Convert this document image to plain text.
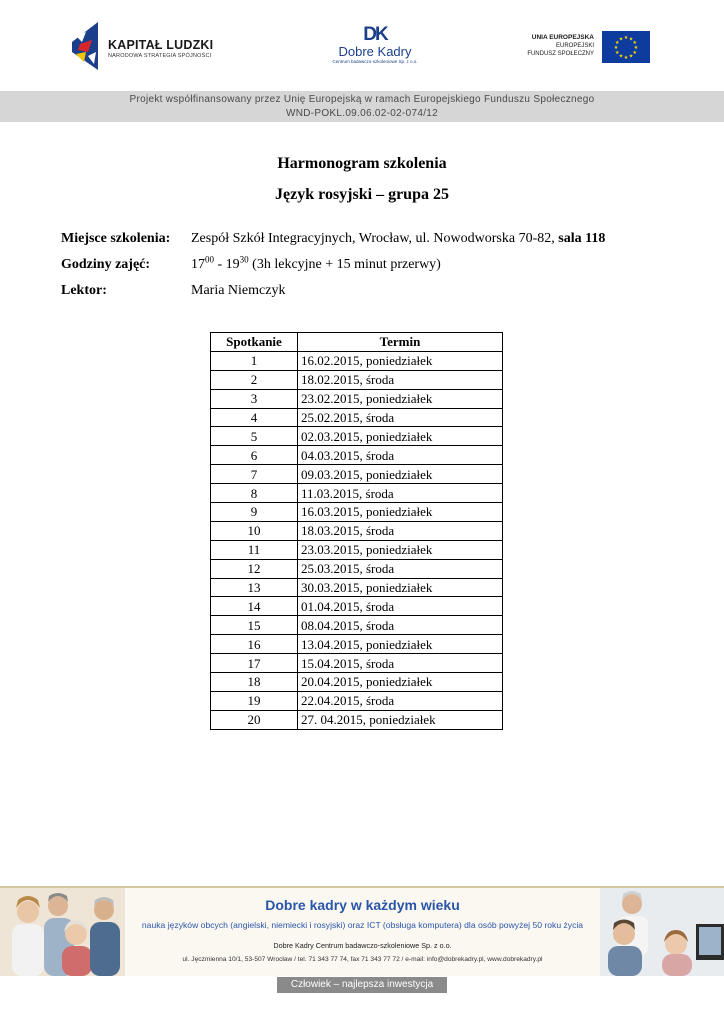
KAPITAŁ LUDZKI
NARODOWA STRATEGIA SPÓJNOŚCI
DK
Dobre Kadry
Centrum badawczo-szkoleniowe Sp. z o.o.
UNIA EUROPEJSKA
EUROPEJSKI
FUNDUSZ SPOŁECZNY
★ ★
★
★
★
★
★
★
★
★
★
★
Projekt współfinansowany przez Unię Europejską w ramach Europejskiego Funduszu Społecznego
WND-POKL.09.06.02-02-074/12
Harmonogram szkolenia
Język rosyjski – grupa 25
Miejsce szkolenia: Zespół Szkół Integracyjnych, Wrocław, ul. Nowodworska 70-82, sala 118
Godziny zajęć:	$17^{00} - 19^{30}$ (3h lekcyjne + 15 minut przerwy)
Lektor:	Maria Niemczyk
Spotkanie	Termin
1	16.02.2015, poniedziałek
2	18.02.2015, środa
3	23.02.2015, poniedziałek
4	25.02.2015, środa
5	02.03.2015, poniedziałek
6	04.03.2015, środa
7	09.03.2015, poniedziałek
8	11.03.2015, środa
9	16.03.2015, poniedziałek
10	18.03.2015, środa
11	23.03.2015, poniedziałek
12	25.03.2015, środa
13	30.03.2015, poniedziałek
14	01.04.2015, środa
15	08.04.2015, środa
16	13.04.2015, poniedziałek
17	15.04.2015, środa
18	20.04.2015, poniedziałek
19	22.04.2015, środa
20	27. 04.2015, poniedziałek
Dobre kadry w każdym wieku
nauka języków obcych (angielski, niemiecki i rosyjski) oraz ICT (obsługa komputera) dla osób powyżej 50 roku życia
Dobre Kadry Centrum badawczo-szkoleniowe Sp. z o.o.
ul. Jęczmienna 10/1, 53-507 Wrocław / tel. 71 343 77 74, fax 71 343 77 72 / e-mail: info@dobrekadry.pl, www.dobrekadry.pl
Człowiek – najlepsza inwestycja
